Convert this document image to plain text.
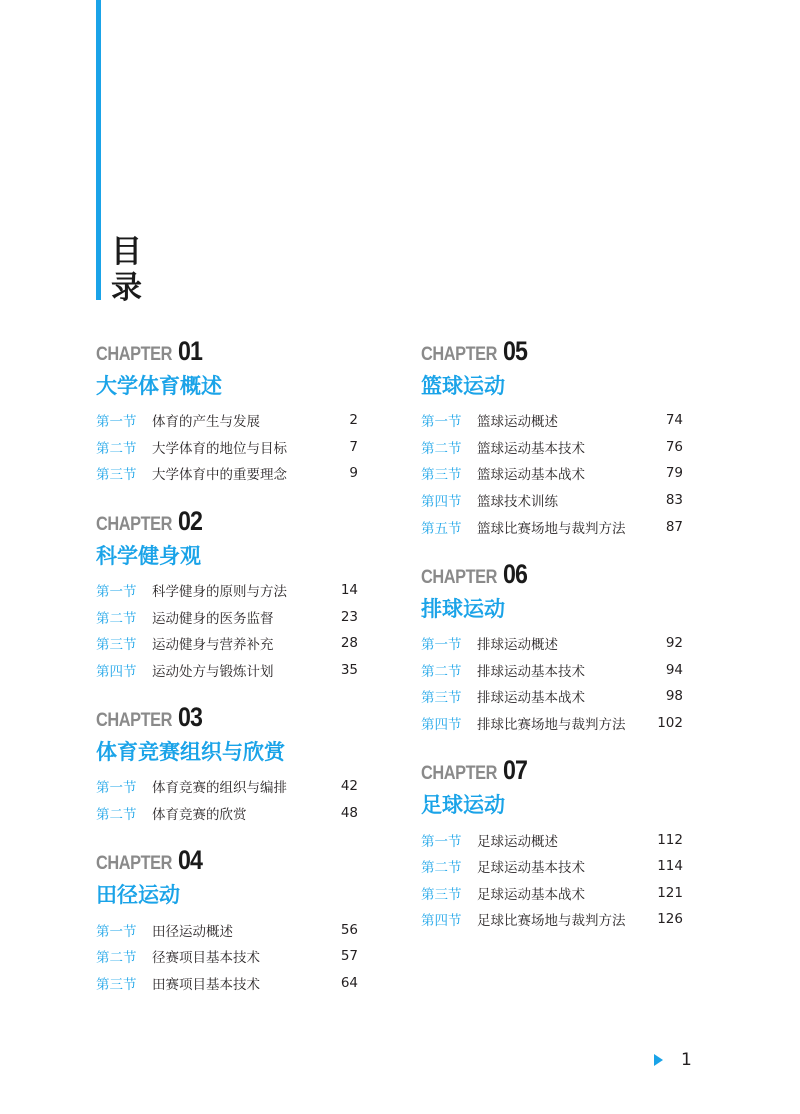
目
录
CHAPTER 01
大学体育概述
第一节	体育的产生与发展	2
第二节	大学体育的地位与目标	7
第三节	大学体育中的重要理念	9
CHAPTER 02
科学健身观
第一节	科学健身的原则与方法	14
第二节	运动健身的医务监督	23
第三节	运动健身与营养补充	28
第四节	运动处方与锻炼计划	35
CHAPTER 03
体育竞赛组织与欣赏
第一节	体育竞赛的组织与编排	42
第二节	体育竞赛的欣赏	48
CHAPTER 04
田径运动
第一节	田径运动概述	56
第二节	径赛项目基本技术	57
第三节	田赛项目基本技术	64
CHAPTER 05
篮球运动
第一节	篮球运动概述	74
第二节	篮球运动基本技术	76
第三节	篮球运动基本战术	79
第四节	篮球技术训练	83
第五节	篮球比赛场地与裁判方法	87
CHAPTER 06
排球运动
第一节	排球运动概述	92
第二节	排球运动基本技术	94
第三节	排球运动基本战术	98
第四节	排球比赛场地与裁判方法	102
CHAPTER 07
足球运动
第一节	足球运动概述	112
第二节	足球运动基本技术	114
第三节	足球运动基本战术	121
第四节	足球比赛场地与裁判方法	126
1
